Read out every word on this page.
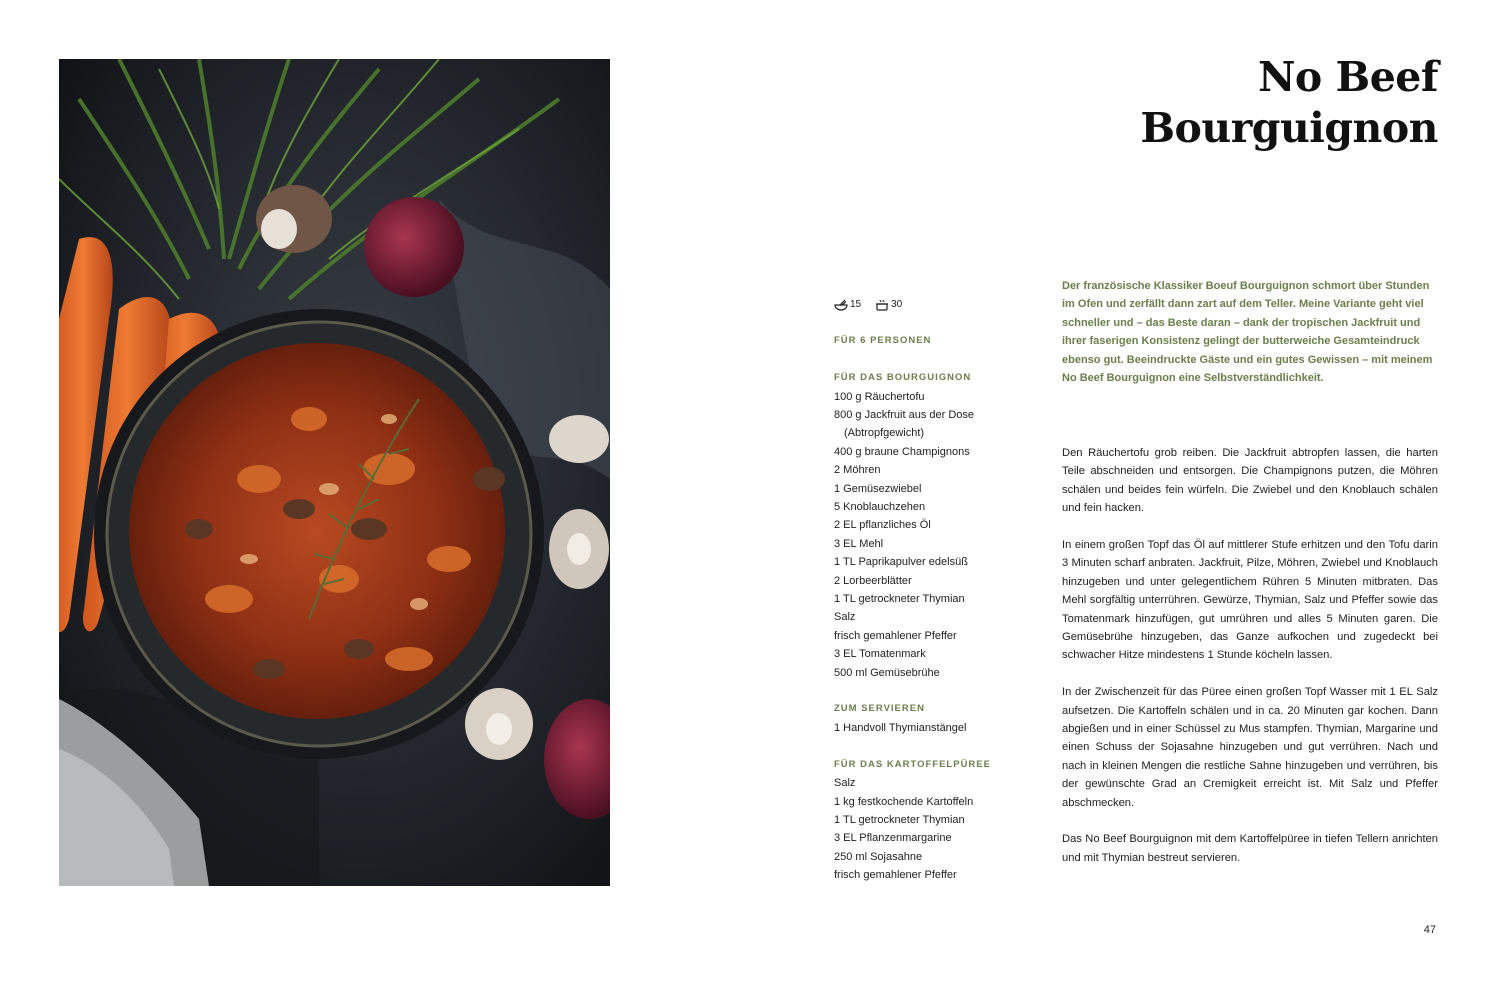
No Beef
Bourguignon
15	30
FÜR 6 PERSONEN
FÜR DAS BOURGUIGNON
100 g Räuchertofu
800 g Jackfruit aus der Dose
(Abtropfgewicht)
400 g braune Champignons
2 Möhren
1 Gemüsezwiebel
5 Knoblauchzehen
2 EL pflanzliches Öl
3 EL Mehl
1 TL Paprikapulver edelsüß
2 Lorbeerblätter
1 TL getrockneter Thymian
Salz
frisch gemahlener Pfeffer
3 EL Tomatenmark
500 ml Gemüsebrühe
ZUM SERVIEREN
1 Handvoll Thymianstängel
FÜR DAS KARTOFFELPÜREE
Salz
1 kg festkochende Kartoffeln
1 TL getrockneter Thymian
3 EL Pflanzenmargarine
250 ml Sojasahne
frisch gemahlener Pfeffer

Der französische Klassiker Boeuf Bourguignon schmort über Stunden im Ofen und zerfällt dann zart auf dem Teller. Meine Variante geht viel schneller und – das Beste daran – dank der tropischen Jackfruit und ihrer faserigen Konsistenz gelingt der butterweiche Gesamteindruck ebenso gut. Beeindruckte Gäste und ein gutes Gewissen – mit meinem No Beef Bourguignon eine Selbstverständlichkeit.

Den Räuchertofu grob reiben. Die Jackfruit abtropfen lassen, die harten Teile abschneiden und entsorgen. Die Champignons putzen, die Möhren schälen und beides fein würfeln. Die Zwiebel und den Knoblauch schälen und fein hacken.

In einem großen Topf das Öl auf mittlerer Stufe erhitzen und den Tofu darin 3 Minuten scharf anbraten. Jackfruit, Pilze, Möhren, Zwiebel und Knoblauch hinzugeben und unter gelegentlichem Rühren 5 Minuten mitbraten. Das Mehl sorgfältig unterrühren. Gewürze, Thymian, Salz und Pfeffer sowie das Tomatenmark hinzufügen, gut umrühren und alles 5 Minuten garen. Die Gemüsebrühe hinzugeben, das Ganze aufkochen und zugedeckt bei schwacher Hitze mindestens 1 Stunde köcheln lassen.

In der Zwischenzeit für das Püree einen großen Topf Wasser mit 1 EL Salz aufsetzen. Die Kartoffeln schälen und in ca. 20 Minuten gar kochen. Dann abgießen und in einer Schüssel zu Mus stampfen. Thymian, Margarine und einen Schuss der Sojasahne hinzugeben und gut verrühren. Nach und nach in kleinen Mengen die restliche Sahne hinzugeben und verrühren, bis der gewünschte Grad an Cremigkeit erreicht ist. Mit Salz und Pfeffer abschmecken.

Das No Beef Bourguignon mit dem Kartoffelpüree in tiefen Tellern anrichten und mit Thymian bestreut servieren.

47
